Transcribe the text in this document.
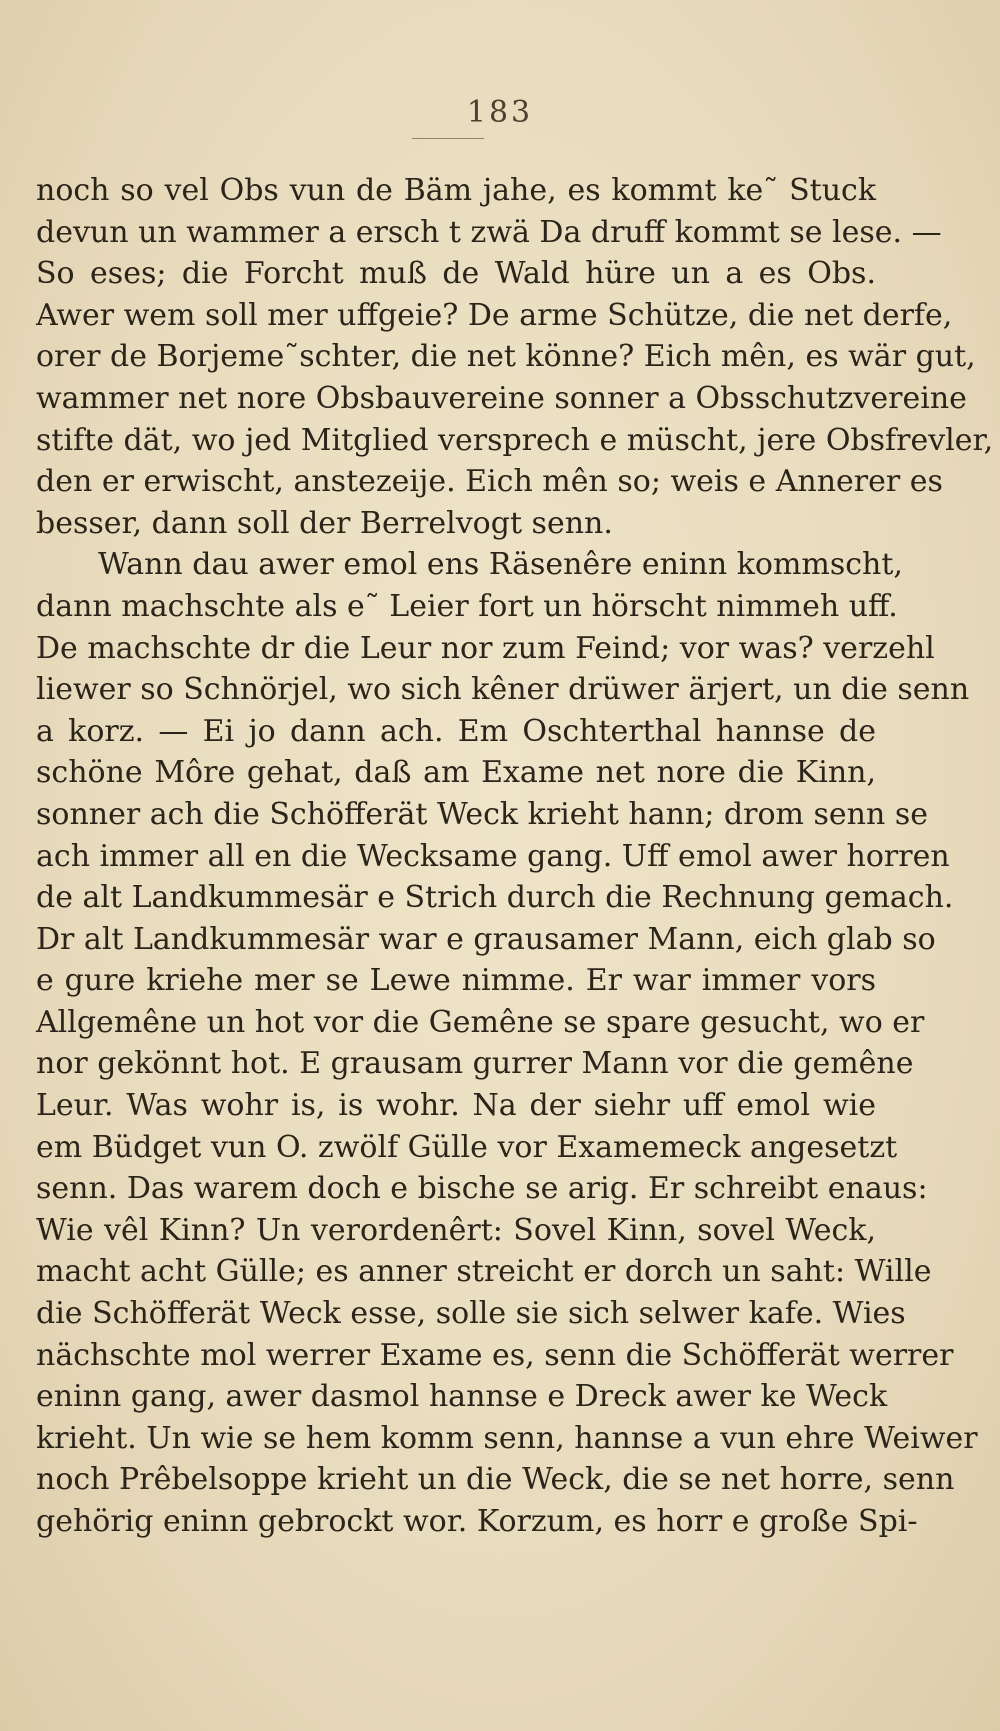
183
noch so vel Obs vun de Bäm jahe, es kommt ke˜ Stuck
devun un wammer a ersch t zwä Da druff kommt se lese. —
So eses; die Forcht muß de Wald hüre un a es Obs.
Awer wem soll mer uffgeie? De arme Schütze, die net derfe,
orer de Borjeme˜schter, die net könne? Eich mên, es wär gut,
wammer net nore Obsbauvereine sonner a Obsschutzvereine
stifte dät, wo jed Mitglied versprech e müscht, jere Obsfrevler,
den er erwischt, anstezeije. Eich mên so; weis e Annerer es
besser, dann soll der Berrelvogt senn.
Wann dau awer emol ens Räsenêre eninn kommscht,
dann machschte als e˜ Leier fort un hörscht nimmeh uff.
De machschte dr die Leur nor zum Feind; vor was? verzehl
liewer so Schnörjel, wo sich kêner drüwer ärjert, un die senn
a korz. — Ei jo dann ach. Em Oschterthal hannse de
schöne Môre gehat, daß am Exame net nore die Kinn,
sonner ach die Schöfferät Weck krieht hann; drom senn se
ach immer all en die Wecksame gang. Uff emol awer horren
de alt Landkummesär e Strich durch die Rechnung gemach.
Dr alt Landkummesär war e grausamer Mann, eich glab so
e gure kriehe mer se Lewe nimme. Er war immer vors
Allgemêne un hot vor die Gemêne se spare gesucht, wo er
nor gekönnt hot. E grausam gurrer Mann vor die gemêne
Leur. Was wohr is, is wohr. Na der siehr uff emol wie
em Büdget vun O. zwölf Gülle vor Examemeck angesetzt
senn. Das warem doch e bische se arig. Er schreibt enaus:
Wie vêl Kinn? Un verordenêrt: Sovel Kinn, sovel Weck,
macht acht Gülle; es anner streicht er dorch un saht: Wille
die Schöfferät Weck esse, solle sie sich selwer kafe. Wies
nächschte mol werrer Exame es, senn die Schöfferät werrer
eninn gang, awer dasmol hannse e Dreck awer ke Weck
krieht. Un wie se hem komm senn, hannse a vun ehre Weiwer
noch Prêbelsoppe krieht un die Weck, die se net horre, senn
gehörig eninn gebrockt wor. Korzum, es horr e große Spi-
